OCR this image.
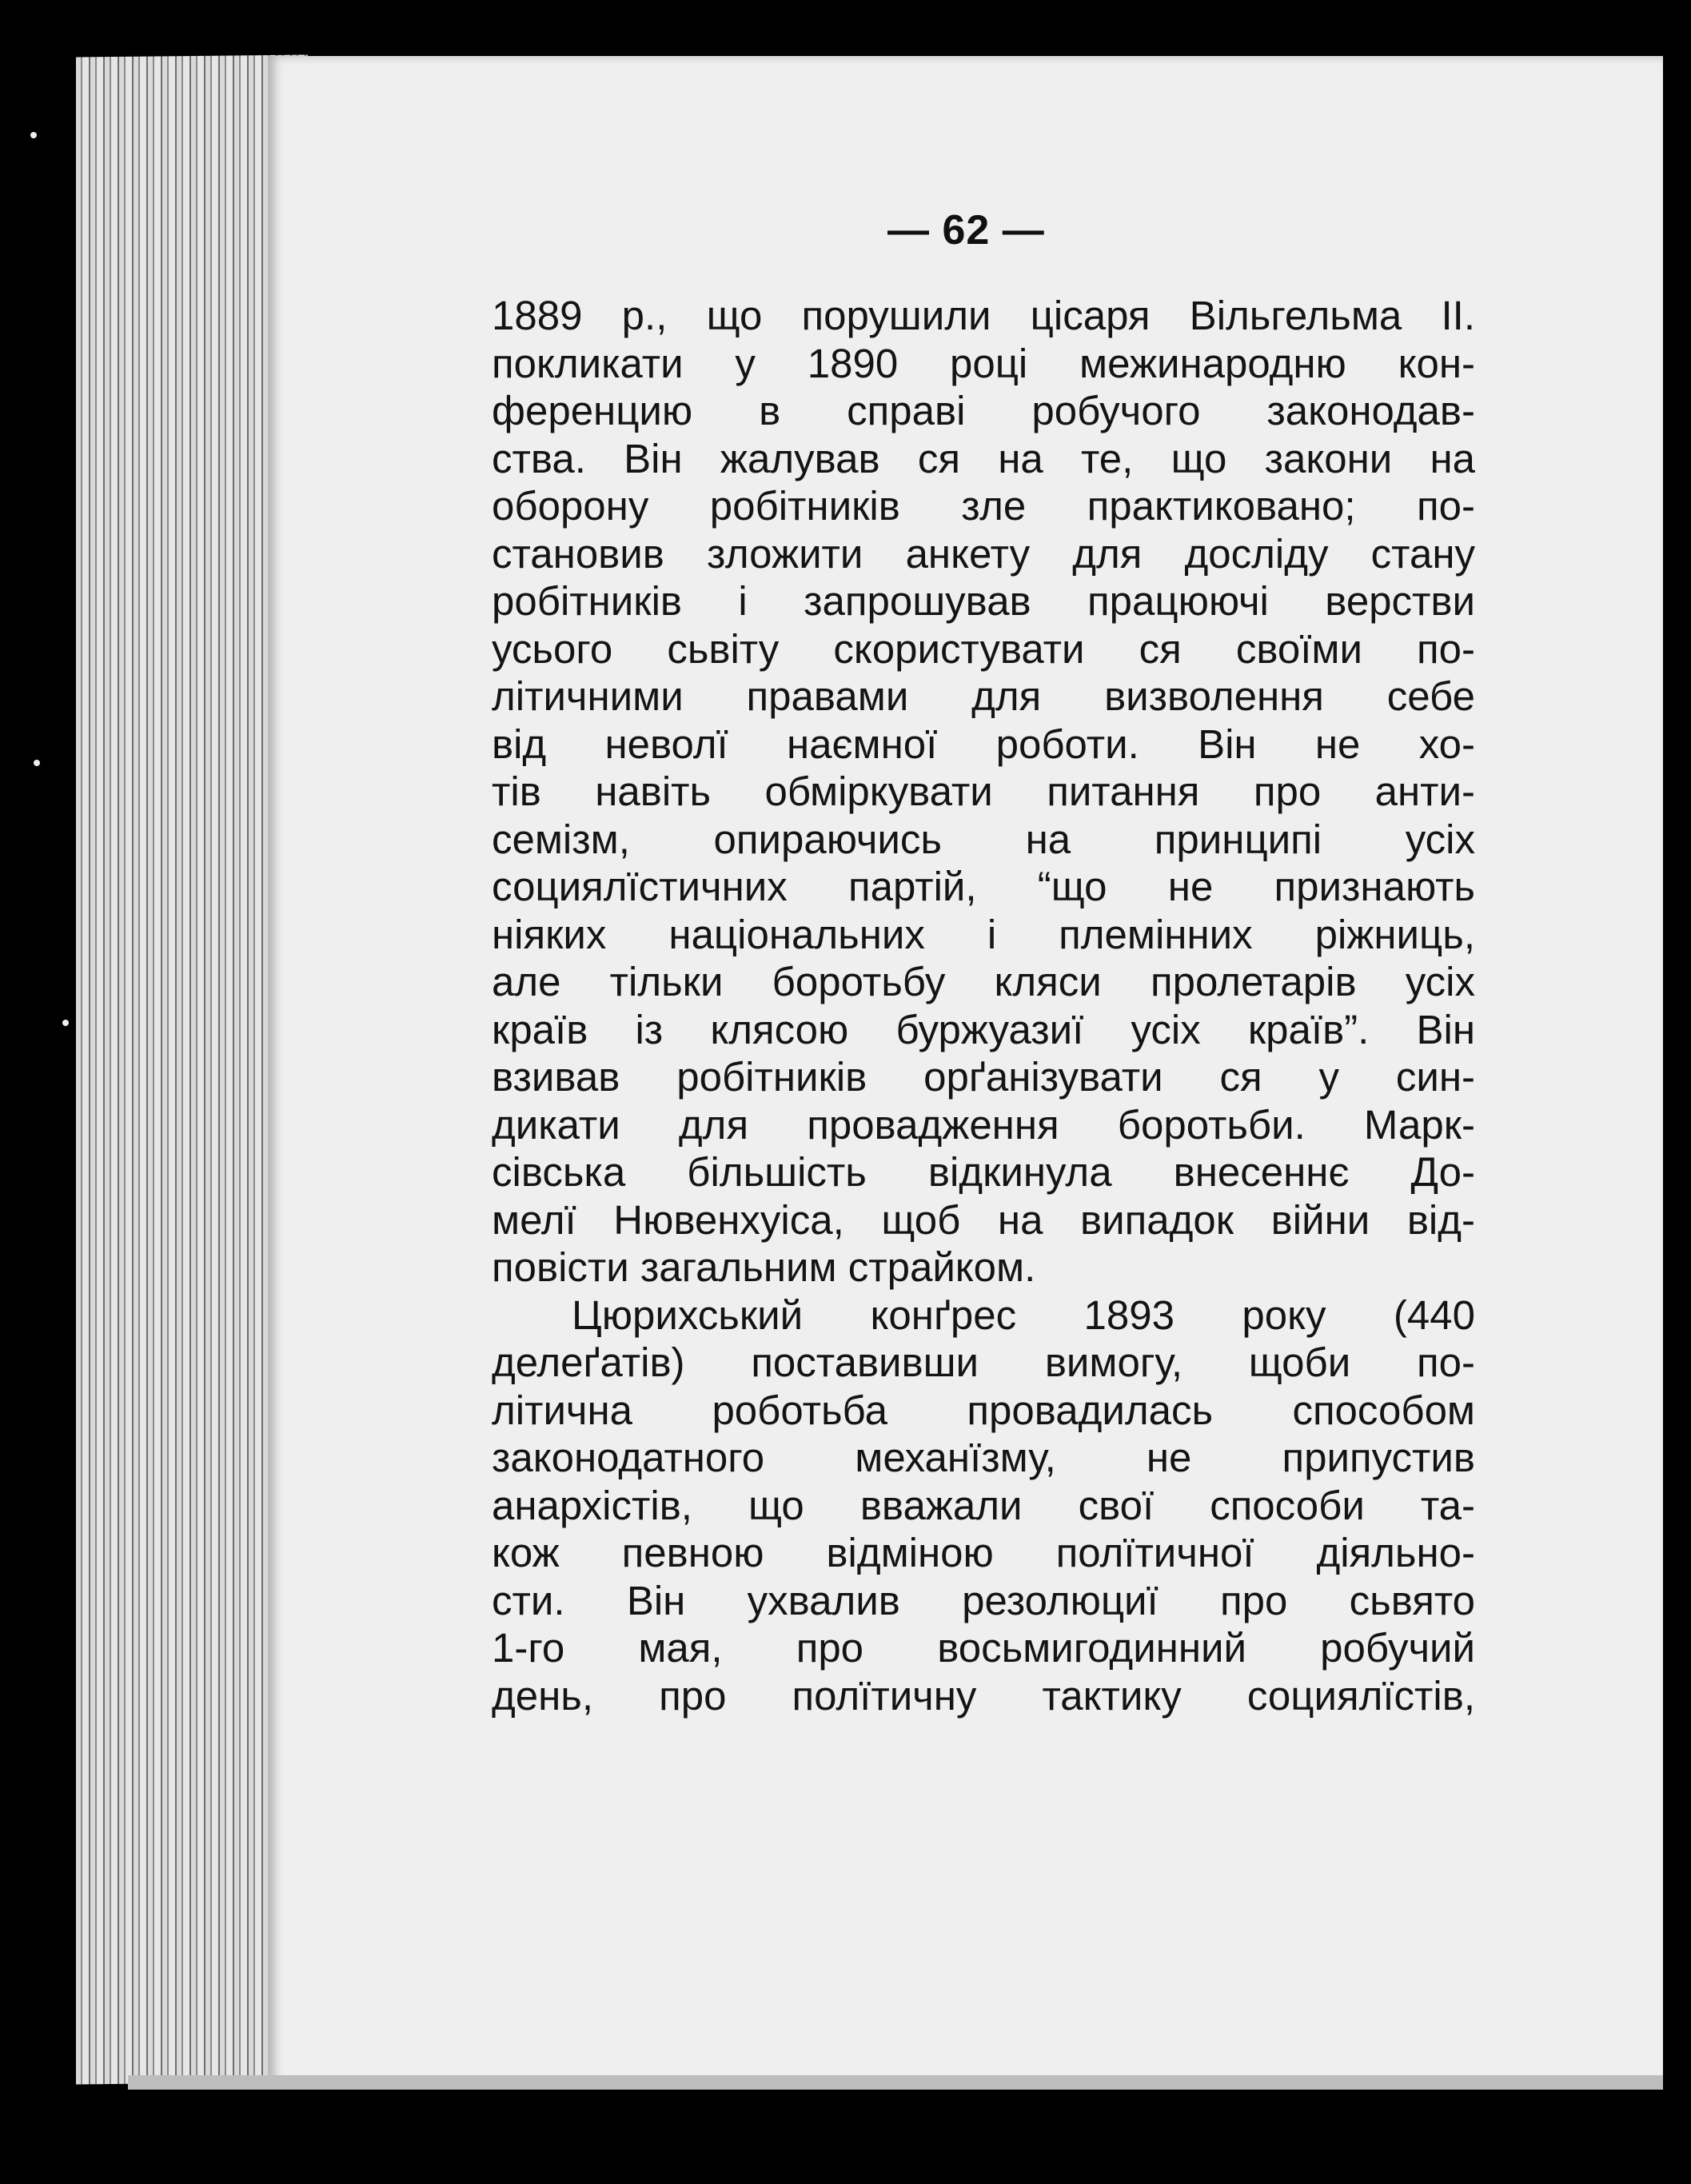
— 62 —
1889 р., що порушили цісаря Вільгельма II.
покликати у 1890 році межинародню кон-
ференцию в справі робучого законодав-
ства. Він жалував ся на те, що закони на
оборону робітників зле практиковано; по-
становив зложити анкету для досліду стану
робітників і запрошував працюючі верстви
усього сьвіту скористувати ся своїми по-
літичними правами для визволення себе
від неволї наємної роботи. Він не хо-
тів навіть обміркувати питання про анти-
семізм, опираючись на принципі усіх
социялїстичних партій, “що не признають
ніяких національних і племінних ріжниць,
але тільки боротьбу кляси пролетарів усіх
країв із клясою буржуазиї усіх країв”. Він
взивав робітників орґанізувати ся у син-
дикати для провадження боротьби. Марк-
сівська більшість відкинула внесеннє До-
мелї Нювенхуіса, щоб на випадок війни від-
повісти загальним страйком.
Цюрихський конґрес 1893 року (440
делеґатів) поставивши вимогу, щоби по-
літична роботьба провадилась способом
законодатного механїзму, не припустив
анархістів, що вважали свої способи та-
кож певною відміною полїтичної діяльно-
сти. Він ухвалив резолюциї про сьвято
1-го мая, про восьмигодинний робучий
день, про полїтичну тактику социялїстів,
